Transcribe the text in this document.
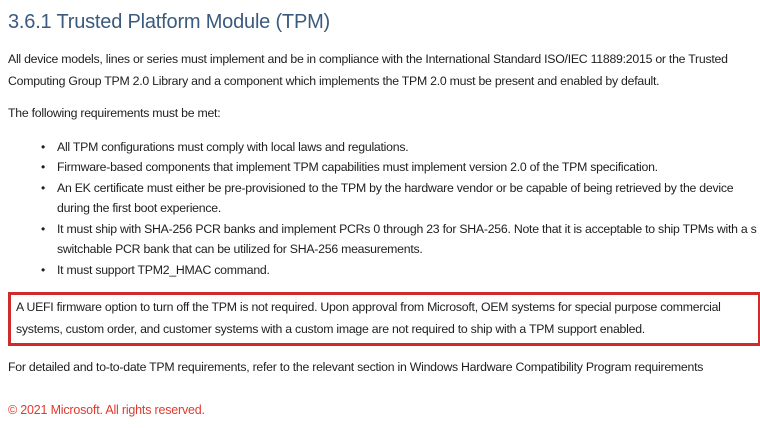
3.6.1 Trusted Platform Module (TPM)
All device models, lines or series must implement and be in compliance with the International Standard ISO/IEC 11889:2015 or the Trusted
Computing Group TPM 2.0 Library and a component which implements the TPM 2.0 must be present and enabled by default.
The following requirements must be met:
• All TPM configurations must comply with local laws and regulations.
• Firmware-based components that implement TPM capabilities must implement version 2.0 of the TPM specification.
• An EK certificate must either be pre-provisioned to the TPM by the hardware vendor or be capable of being retrieved by the device
during the first boot experience.
• It must ship with SHA-256 PCR banks and implement PCRs 0 through 23 for SHA-256. Note that it is acceptable to ship TPMs with a s
switchable PCR bank that can be utilized for SHA-256 measurements.
• It must support TPM2_HMAC command.
A UEFI firmware option to turn off the TPM is not required. Upon approval from Microsoft, OEM systems for special purpose commercial
systems, custom order, and customer systems with a custom image are not required to ship with a TPM support enabled.
For detailed and to-to-date TPM requirements, refer to the relevant section in Windows Hardware Compatibility Program requirements
© 2021 Microsoft. All rights reserved.
